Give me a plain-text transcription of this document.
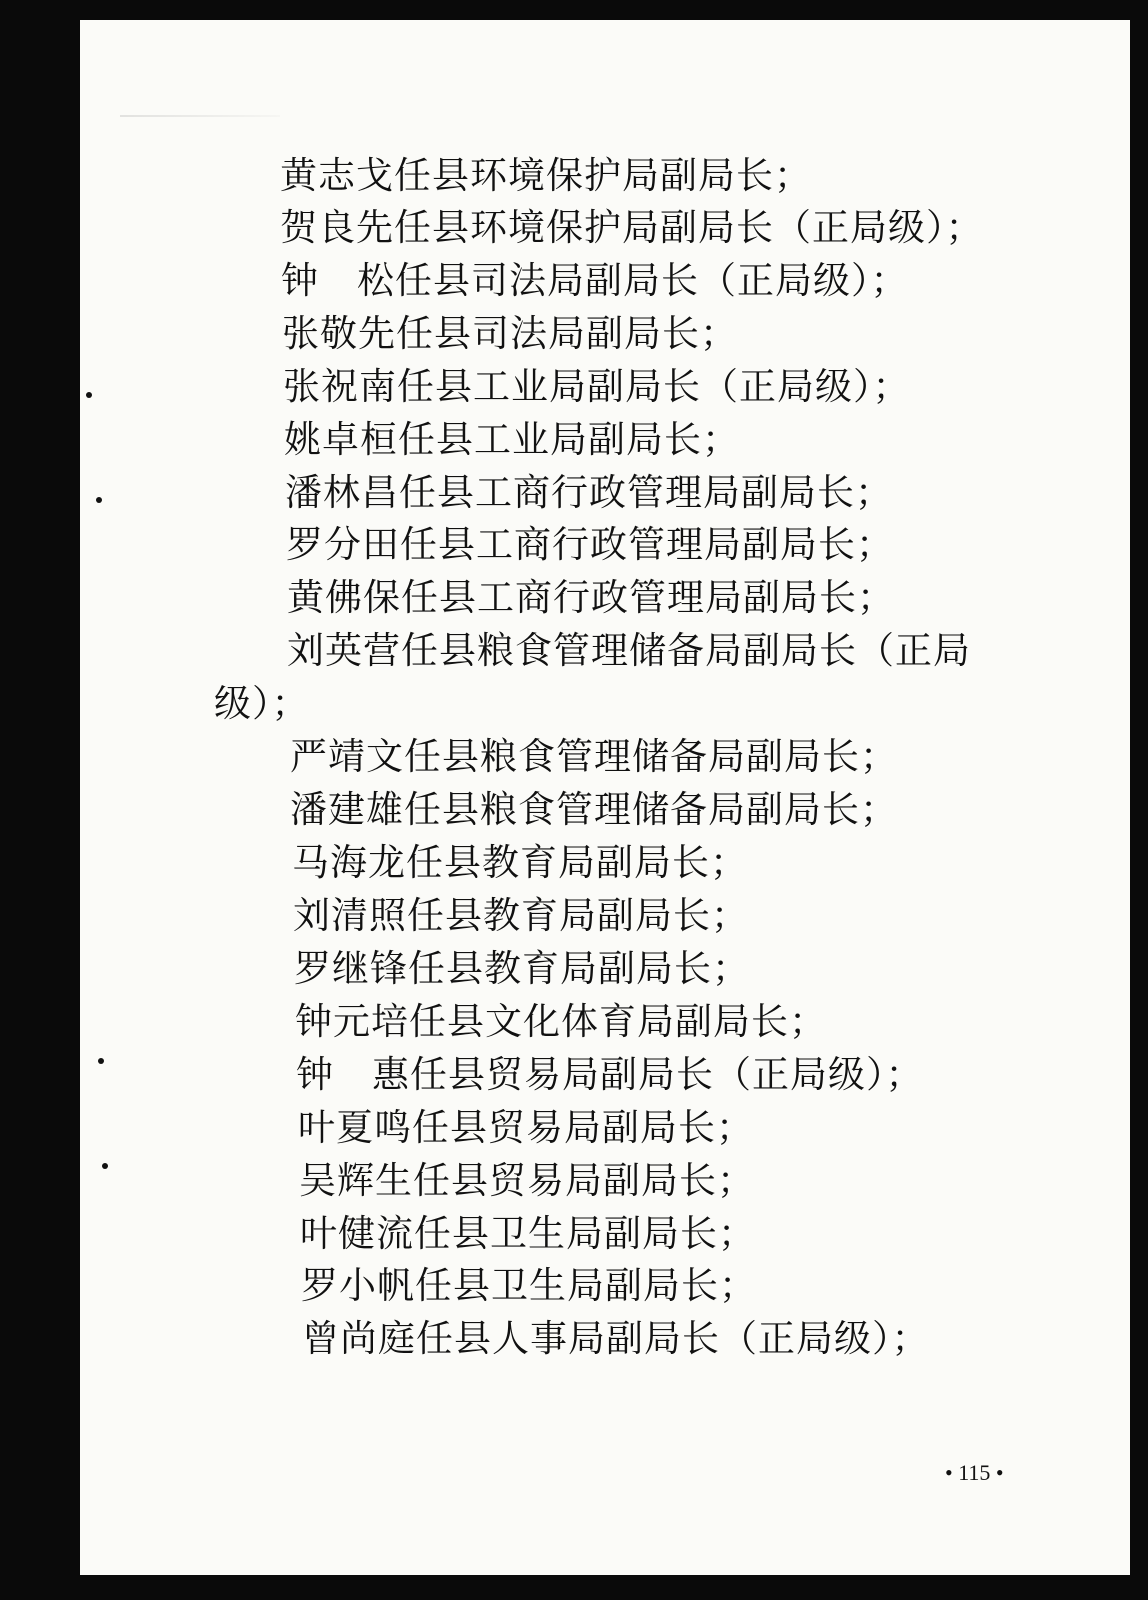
黄志戈任县环境保护局副局长；
贺良先任县环境保护局副局长（正局级）；
钟　松任县司法局副局长（正局级）；
张敬先任县司法局副局长；
张祝南任县工业局副局长（正局级）；
姚卓桓任县工业局副局长；
潘林昌任县工商行政管理局副局长；
罗分田任县工商行政管理局副局长；
黄佛保任县工商行政管理局副局长；
刘英营任县粮食管理储备局副局长（正局
级）；
严靖文任县粮食管理储备局副局长；
潘建雄任县粮食管理储备局副局长；
马海龙任县教育局副局长；
刘清照任县教育局副局长；
罗继锋任县教育局副局长；
钟元培任县文化体育局副局长；
钟　惠任县贸易局副局长（正局级）；
叶夏鸣任县贸易局副局长；
吴辉生任县贸易局副局长；
叶健流任县卫生局副局长；
罗小帆任县卫生局副局长；
曾尚庭任县人事局副局长（正局级）；
• 115 •
